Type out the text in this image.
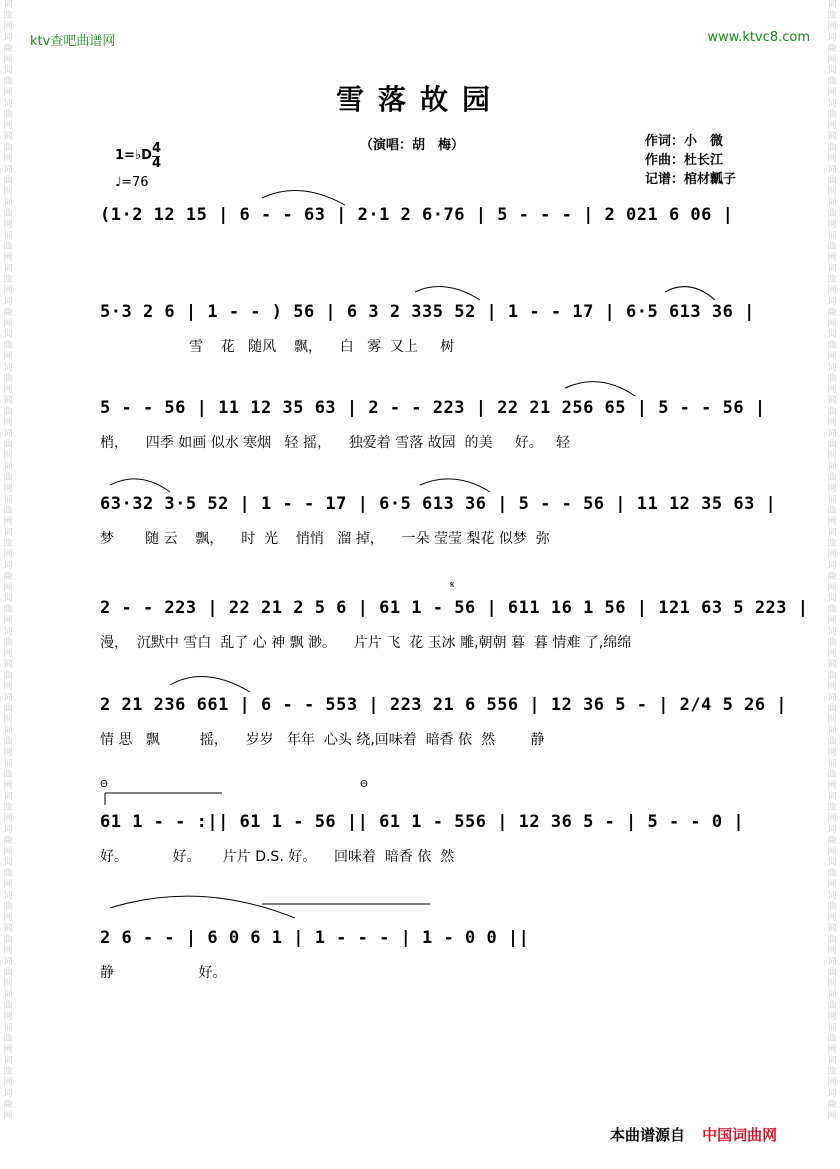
词
曲
网
词
曲
网
词
曲
网
词
曲
网
词
曲
网
词
曲
网
词
曲
网
词
曲
网
词
曲
网
词
曲
网
词
曲
网
词
曲
网
词
曲
网
词
曲
网
词
曲
网
词
曲
网
词
曲
网
词
曲
网
词
曲
网
词
曲
网
词
曲
网
词
曲
网
词
曲
网
词
曲
网
词
曲
网
词
曲
网
词
曲
网
词
曲
网
词
曲
网
词
曲
网
词
曲
网
词
曲
网
词
曲
网
词
曲
网
词
曲
网
词
曲
网
词
曲
网
词
曲
网
词
曲
网
词
曲
网
词
曲
网
词
曲
网
词
曲
网
词
曲
网
词
曲
网
词
曲
网
词
曲
网
词
曲
网
词
曲
网
词
曲
网
词
曲
网
词
曲
网
词
曲
网
词
曲
网
词
曲
网
词
曲
网
词
曲
网
词
曲
网
词
曲
网
词
曲
网
词
曲
网
词
曲
网
词
曲
网
词
曲
网
词
曲
网
词
曲
网
词
曲
网
词
曲
网
ktv查吧曲谱网	www.ktvc8.com
雪落故园
1=♭D 4
4
♩=76
（演唱：胡　梅）	作词：小　微
作曲：杜长江
记谱：棺材瓤子
(1·2 12 15 | 6 - - 63 | 2·1 2 6·76 | 5 - - - | 2 021 6 06 |
5·3 2 6 | 1 - - ) 56 | 6 3 2 335 52 | 1 - - 17 | 6·5 613 36 |
雪    花   随风    飘，    白   雾  又上     树
5 - - 56 | 11 12 35 63 | 2 - - 223 | 22 21 256 65 | 5 - - 56 |
梢，    四季 如画 似水 寒烟   轻 摇，    独爱着 雪落 故园  的美     好。   轻
63·32 3·5 52 | 1 - - 17 | 6·5 613 36 | 5 - - 56 | 11 12 35 63 |
梦       随 云    飘，    时  光    悄悄   溜 掉，    一朵 莹莹 梨花 似梦  弥
2 - - 223 | 22 21 2 5 6 | 61 1 - 56 | 611 16 1 56 | 121 63 5 223 |
漫，  沉默中 雪白  乱了 心 神 飘 渺。    片片 飞  花 玉冰 雕,朝朝 暮  暮 情难 了,绵绵
2 21 236 661 | 6 - - 553 | 223 21 6 556 | 12 36 5 - | 2/4 5 26 |
情 思   飘         摇，    岁岁   年年  心头 绕,回味着  暗香 依  然        静
61 1 - - :|| 61 1 - 56 || 61 1 - 556 | 12 36 5 - | 5 - - 0 |
好。          好。     片片 D.S. 好。    回味着  暗香 依  然
2 6 - - | 6 0 6 1 | 1 - - - | 1 - 0 0 ||
静                   好。
Θ	Θ
𝄋
本曲谱源自 中国词曲网
